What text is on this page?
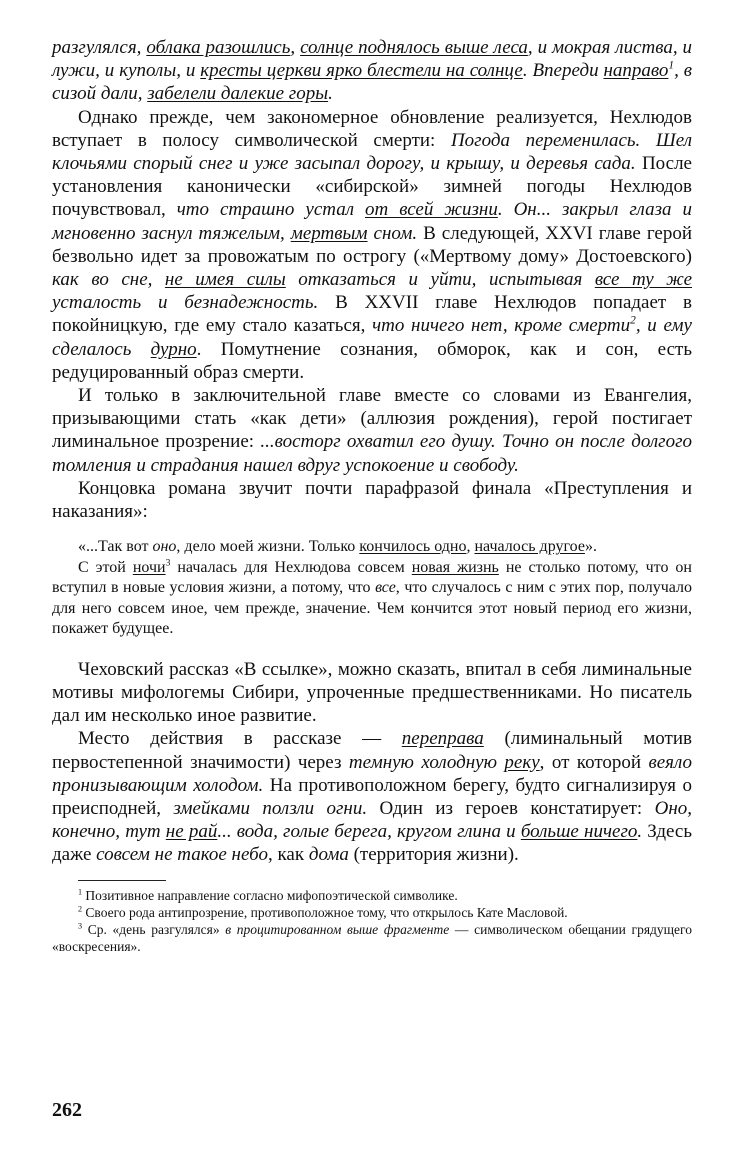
разгулялся, облака разошлись, солнце поднялось выше леса, и мокрая листва, и лужи, и куполы, и кресты церкви ярко блестели на солнце. Впереди направо$^1$, в сизой дали, забелели далекие горы.

Однако прежде, чем закономерное обновление реализуется, Нехлюдов вступает в полосу символической смерти: Погода переменилась. Шел клочьями спорый снег и уже засыпал дорогу, и крышу, и деревья сада. После установления канонически «сибирской» зимней погоды Нехлюдов почувствовал, что страшно устал от всей жизни. Он... закрыл глаза и мгновенно заснул тяжелым, мертвым сном. В следующей, XXVI главе герой безвольно идет за провожатым по острогу («Мертвому дому» Достоевского) как во сне, не имея силы отказаться и уйти, испытывая все ту же усталость и безнадежность. В XXVII главе Нехлюдов попадает в покойницкую, где ему стало казаться, что ничего нет, кроме смерти$^2$, и ему сделалось дурно. Помутнение сознания, обморок, как и сон, есть редуцированный образ смерти.

И только в заключительной главе вместе со словами из Евангелия, призывающими стать «как дети» (аллюзия рождения), герой постигает лиминальное прозрение: ...восторг охватил его душу. Точно он после долгого томления и страдания нашел вдруг успокоение и свободу.

Концовка романа звучит почти парафразой финала «Преступления и наказания»:

«...Так вот оно, дело моей жизни. Только кончилось одно, началось другое».

С этой ночи$^3$ началась для Нехлюдова совсем новая жизнь не столько потому, что он вступил в новые условия жизни, а потому, что все, что случалось с ним с этих пор, получало для него совсем иное, чем прежде, значение. Чем кончится этот новый период его жизни, покажет будущее.

Чеховский рассказ «В ссылке», можно сказать, впитал в себя лиминальные мотивы мифологемы Сибири, упроченные предшественниками. Но писатель дал им несколько иное развитие.

Место действия в рассказе — переправа (лиминальный мотив первостепенной значимости) через темную холодную реку, от которой веяло пронизывающим холодом. На противоположном берегу, будто сигнализируя о преисподней, змейками ползли огни. Один из героев констатирует: Оно, конечно, тут не рай... вода, голые берега, кругом глина и больше ничего. Здесь даже совсем не такое небо, как дома (территория жизни).

$^1$ Позитивное направление согласно мифопоэтической символике.

$^2$ Своего рода антипрозрение, противоположное тому, что открылось Кате Масловой.

$^3$ Ср. «день разгулялся» в процитированном выше фрагменте — символическом обещании грядущего «воскресения».

262
